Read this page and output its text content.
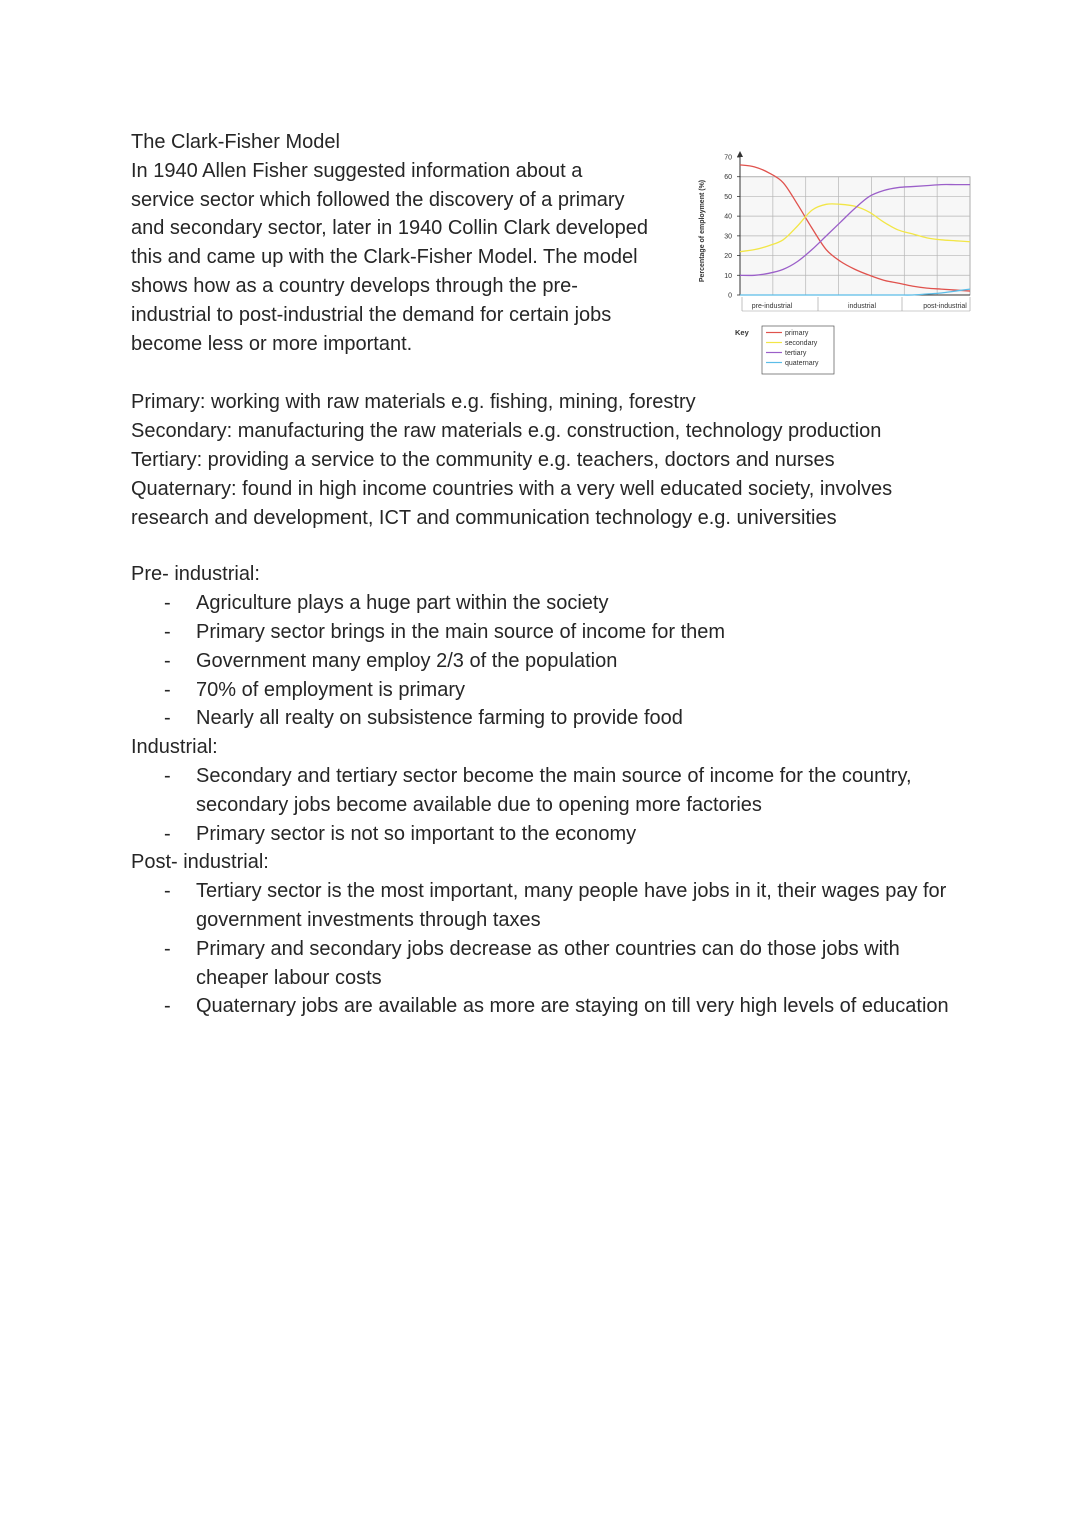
The Clark-Fisher Model

In 1940 Allen Fisher suggested information about a service sector which followed the discovery of a primary and secondary sector, later in 1940 Collin Clark developed this and came up with the Clark-Fisher Model. The model shows how as a country develops through the pre-industrial to post-industrial the demand for certain jobs become less or more important.

Primary: working with raw materials e.g. fishing, mining, forestry

Secondary: manufacturing the raw materials e.g. construction, technology production

Tertiary: providing a service to the community e.g. teachers, doctors and nurses

Quaternary: found in high income countries with a very well educated society, involves research and development, ICT and communication technology e.g. universities

Pre- industrial:

- Agriculture plays a huge part within the society
- Primary sector brings in the main source of income for them
- Government many employ 2/3 of the population
- 70% of employment is primary
- Nearly all realty on subsistence farming to provide food

Industrial:

- Secondary and tertiary sector become the main source of income for the country, secondary jobs become available due to opening more factories
- Primary sector is not so important to the economy

Post- industrial:

- Tertiary sector is the most important, many people have jobs in it, their wages pay for government investments through taxes
- Primary and secondary jobs decrease as other countries can do those jobs with cheaper labour costs
- Quaternary jobs are available as more are staying on till very high levels of education
0
10
20
30
40
50
60
70
Percentage of employment (%)
pre-industrial	industrial	post-industrial
Key	primary
secondary
tertiary
quaternary
